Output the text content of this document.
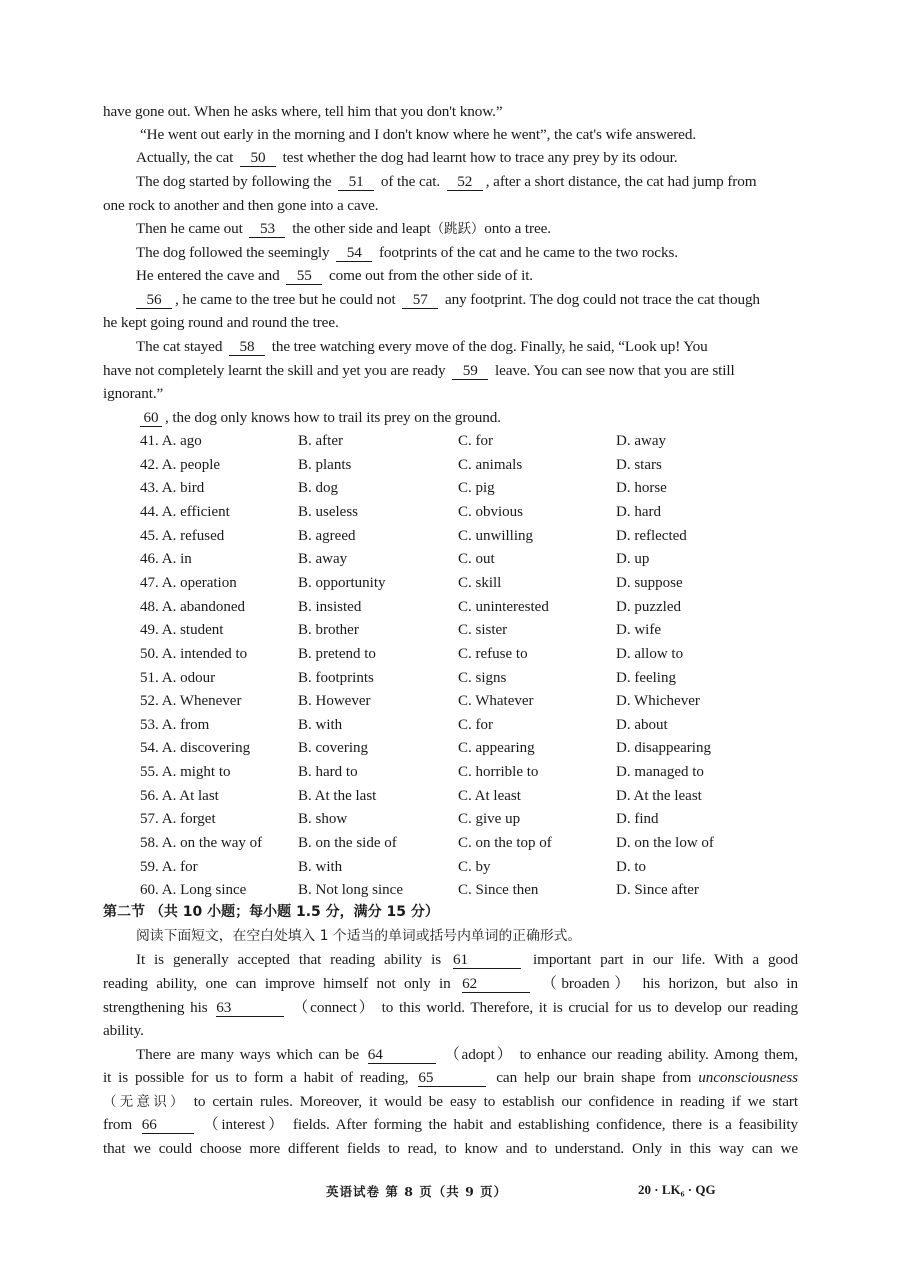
have gone out. When he asks where, tell him that you don't know.”
“He went out early in the morning and I don't know where he went”, the cat's wife answered.
Actually, the cat 50 test whether the dog had learnt how to trace any prey by its odour.
The dog started by following the 51 of the cat. 52 , after a short distance, the cat had jump from
one rock to another and then gone into a cave.
Then he came out 53 the other side and leapt（跳跃）onto a tree.
The dog followed the seemingly 54 footprints of the cat and he came to the two rocks.
He entered the cave and 55 come out from the other side of it.
56 , he came to the tree but he could not 57 any footprint. The dog could not trace the cat though
he kept going round and round the tree.
The cat stayed 58 the tree watching every move of the dog. Finally, he said, “Look up! You
have not completely learnt the skill and yet you are ready 59 leave. You can see now that you are still
ignorant.”
60 , the dog only knows how to trail its prey on the ground.
41. A. ago	B. after	C. for	D. away
42. A. people	B. plants	C. animals	D. stars
43. A. bird	B. dog	C. pig	D. horse
44. A. efficient	B. useless	C. obvious	D. hard
45. A. refused	B. agreed	C. unwilling	D. reflected
46. A. in	B. away	C. out	D. up
47. A. operation	B. opportunity	C. skill	D. suppose
48. A. abandoned	B. insisted	C. uninterested	D. puzzled
49. A. student	B. brother	C. sister	D. wife
50. A. intended to	B. pretend to	C. refuse to	D. allow to
51. A. odour	B. footprints	C. signs	D. feeling
52. A. Whenever	B. However	C. Whatever	D. Whichever
53. A. from	B. with	C. for	D. about
54. A. discovering	B. covering	C. appearing	D. disappearing
55. A. might to	B. hard to	C. horrible to	D. managed to
56. A. At last	B. At the last	C. At least	D. At the least
57. A. forget	B. show	C. give up	D. find
58. A. on the way of B. on the side of	C. on the top of	D. on the low of
59. A. for	B. with	C. by	D. to
60. A. Long since	B. Not long since	C. Since then	D. Since after
第二节 （共 10 小题；每小题 1.5 分，满分 15 分）
阅读下面短文，在空白处填入 1 个适当的单词或括号内单词的正确形式。
It is generally accepted that reading ability is 61	important part in our life. With a good
reading ability, one can improve himself not only in 62	（broaden） his horizon, but also in
strengthening his 63	（connect） to this world. Therefore, it is crucial for us to develop our reading
ability.
There are many ways which can be 64	（adopt） to enhance our reading ability. Among them,
it is possible for us to form a habit of reading, 65	can help our brain shape from unconsciousness
（无意识） to certain rules. Moreover, it would be easy to establish our confidence in reading if we start
from 66	（interest） fields. After forming the habit and establishing confidence, there is a feasibility
that we could choose more different fields to read, to know and to understand. Only in this way can we
英语试卷 第 8 页（共 9 页）	20 · LK₆ · QG
